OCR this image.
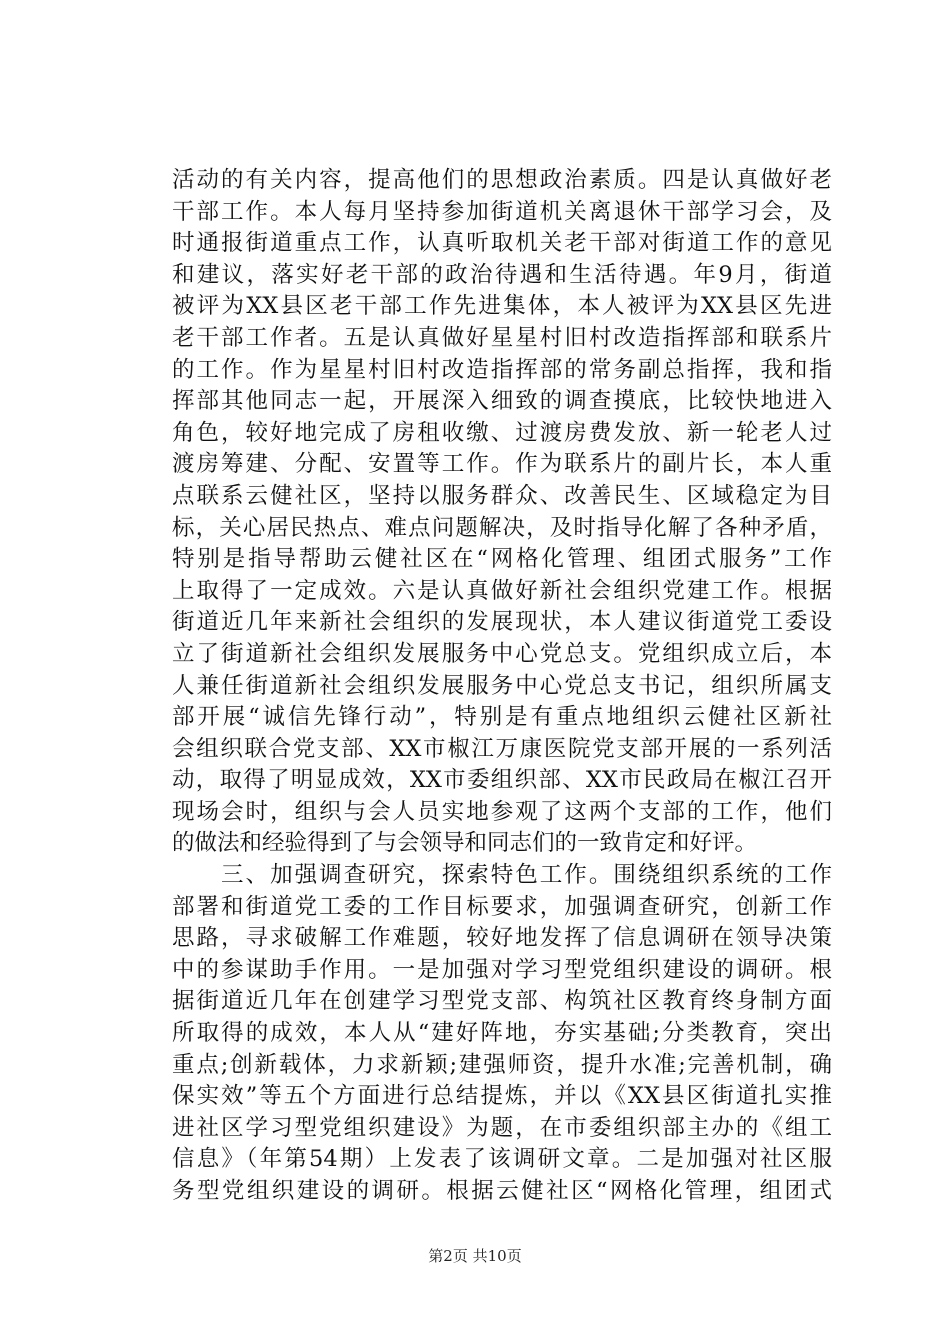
活动的有关内容，提高他们的思想政治素质。四是认真做好老
干部工作。本人每月坚持参加街道机关离退休干部学习会，及
时通报街道重点工作，认真听取机关老干部对街道工作的意见
和建议，落实好老干部的政治待遇和生活待遇。年9月，街道
被评为XX县区老干部工作先进集体，本人被评为XX县区先进
老干部工作者。五是认真做好星星村旧村改造指挥部和联系片
的工作。作为星星村旧村改造指挥部的常务副总指挥，我和指
挥部其他同志一起，开展深入细致的调查摸底，比较快地进入
角色，较好地完成了房租收缴、过渡房费发放、新一轮老人过
渡房筹建、分配、安置等工作。作为联系片的副片长，本人重
点联系云健社区，坚持以服务群众、改善民生、区域稳定为目
标，关心居民热点、难点问题解决，及时指导化解了各种矛盾，
特别是指导帮助云健社区在“网格化管理、组团式服务”工作
上取得了一定成效。六是认真做好新社会组织党建工作。根据
街道近几年来新社会组织的发展现状，本人建议街道党工委设
立了街道新社会组织发展服务中心党总支。党组织成立后，本
人兼任街道新社会组织发展服务中心党总支书记，组织所属支
部开展“诚信先锋行动”，特别是有重点地组织云健社区新社
会组织联合党支部、XX市椒江万康医院党支部开展的一系列活
动，取得了明显成效，XX市委组织部、XX市民政局在椒江召开
现场会时，组织与会人员实地参观了这两个支部的工作，他们
的做法和经验得到了与会领导和同志们的一致肯定和好评。
　　三、加强调查研究，探索特色工作。围绕组织系统的工作
部署和街道党工委的工作目标要求，加强调查研究，创新工作
思路，寻求破解工作难题，较好地发挥了信息调研在领导决策
中的参谋助手作用。一是加强对学习型党组织建设的调研。根
据街道近几年在创建学习型党支部、构筑社区教育终身制方面
所取得的成效，本人从“建好阵地，夯实基础;分类教育，突出
重点;创新载体，力求新颖;建强师资，提升水准;完善机制，确
保实效”等五个方面进行总结提炼，并以《XX县区街道扎实推
进社区学习型党组织建设》为题，在市委组织部主办的《组工
信息》（年第54期）上发表了该调研文章。二是加强对社区服
务型党组织建设的调研。根据云健社区“网格化管理，组团式
第2页 共10页
